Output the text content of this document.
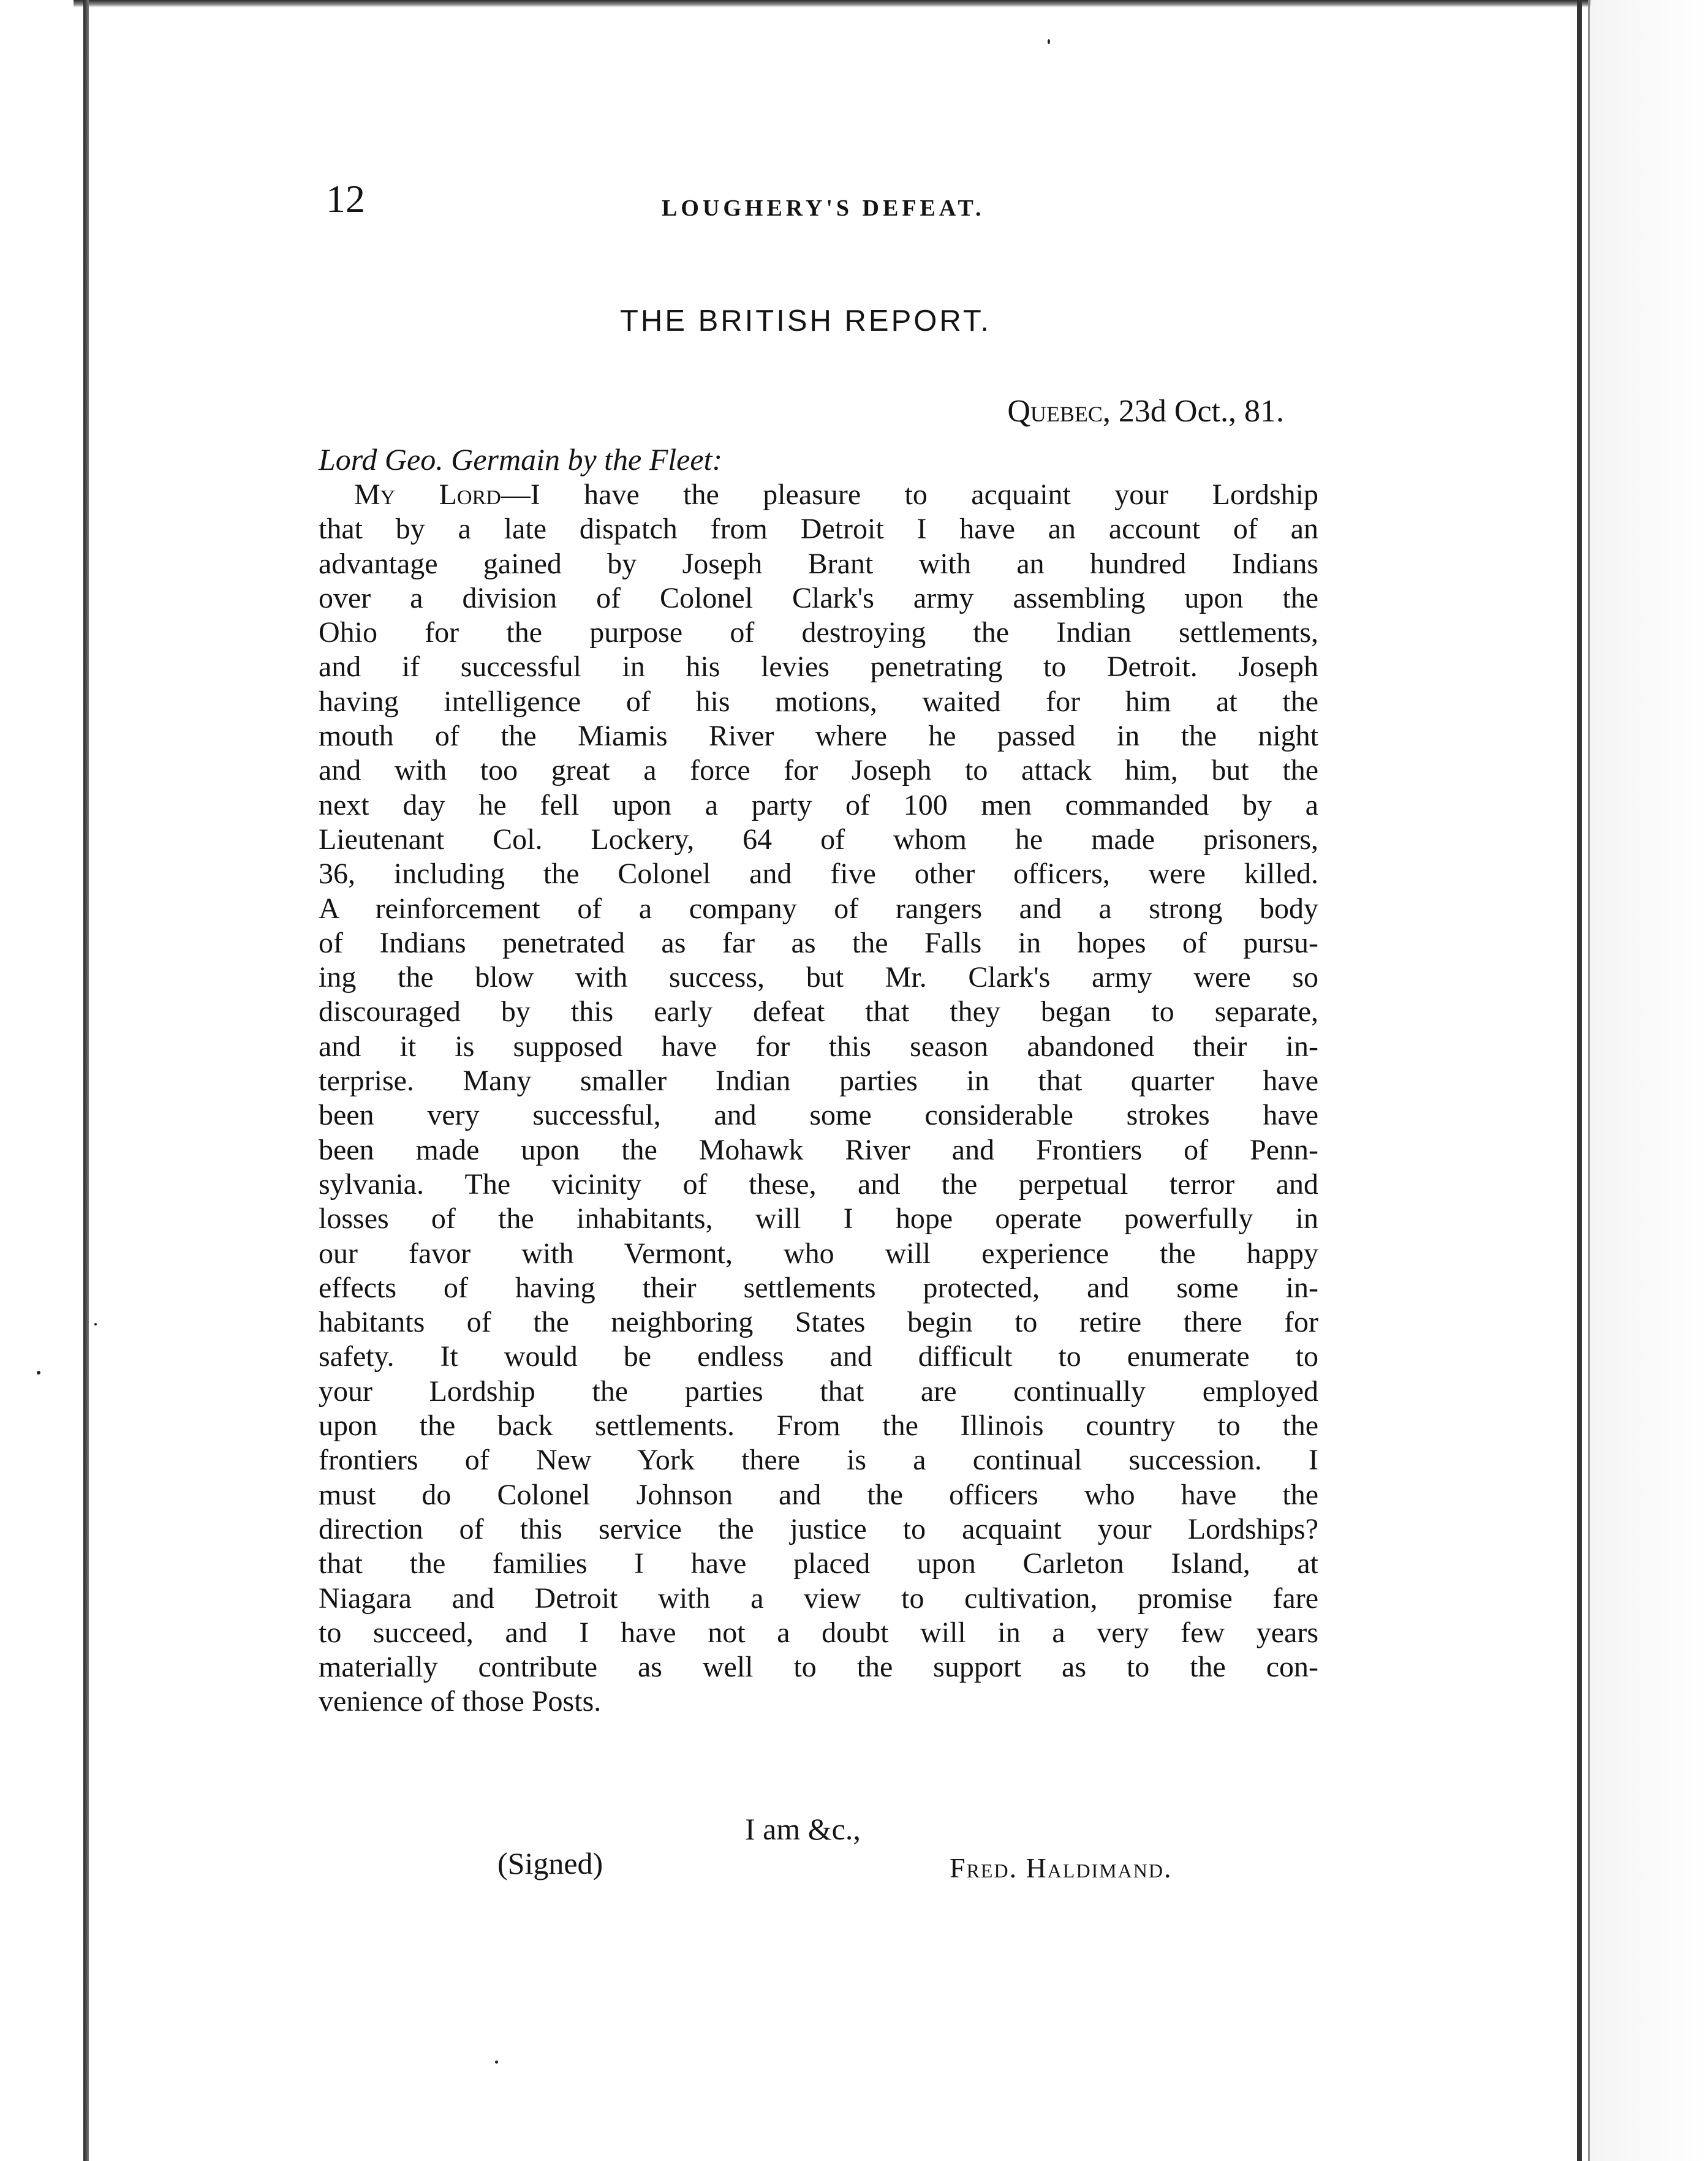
12	LOUGHERY'S DEFEAT.
THE BRITISH REPORT.
Quebec, 23d Oct., 81.
Lord Geo. Germain by the Fleet:
My Lord—I have the pleasure to acquaint your Lordship
that by a late dispatch from Detroit I have an account of an
advantage gained by Joseph Brant with an hundred Indians
over a division of Colonel Clark's army assembling upon the
Ohio for the purpose of destroying the Indian settlements,
and if successful in his levies penetrating to Detroit. Joseph
having intelligence of his motions, waited for him at the
mouth of the Miamis River where he passed in the night
and with too great a force for Joseph to attack him, but the
next day he fell upon a party of 100 men commanded by a
Lieutenant Col. Lockery, 64 of whom he made prisoners,
36, including the Colonel and five other officers, were killed.
A reinforcement of a company of rangers and a strong body
of Indians penetrated as far as the Falls in hopes of pursu-
ing the blow with success, but Mr. Clark's army were so
discouraged by this early defeat that they began to separate,
and it is supposed have for this season abandoned their in-
terprise. Many smaller Indian parties in that quarter have
been very successful, and some considerable strokes have
been made upon the Mohawk River and Frontiers of Penn-
sylvania. The vicinity of these, and the perpetual terror and
losses of the inhabitants, will I hope operate powerfully in
our favor with Vermont, who will experience the happy
effects of having their settlements protected, and some in-
habitants of the neighboring States begin to retire there for
safety. It would be endless and difficult to enumerate to
your Lordship the parties that are continually employed
upon the back settlements. From the Illinois country to the
frontiers of New York there is a continual succession. I
must do Colonel Johnson and the officers who have the
direction of this service the justice to acquaint your Lordships?
that the families I have placed upon Carleton Island, at
Niagara and Detroit with a view to cultivation, promise fare
to succeed, and I have not a doubt will in a very few years
materially contribute as well to the support as to the con-
venience of those Posts.
I am &c.,
(Signed)	Fred. Haldimand.
